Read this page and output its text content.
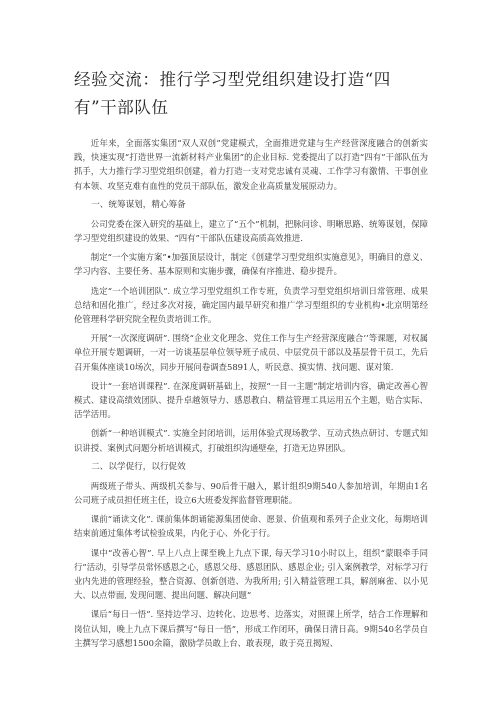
经验交流：推行学习型党组织建设打造“四有”干部队伍

近年来，全面落实集团“双人双创”党建模式，全面推进党建与生产经营深度融合的创新实践，快速实现“打造世界一流新材料产业集团”的企业目标. 党委提出了以打造“四有”干部队伍为抓手，大力推行学习型党组织创建，着力打造一支对党忠诚有灵魂、工作学习有激情、干事创业有本领、攻坚克难有血性的党员干部队伍，激发企业高质量发展原动力。

一、统筹谋划，精心筹备

公司党委在深入研究的基础上，建立了“五个”机制，把脉问诊、明晰思路、统筹谋划，保障学习型党组织建设的效果、“四有”干部队伍建设高质高效推进.

制定“一个实施方案”•加强顶层设计，制定《创建学习型党组织实施意见》，明确目的意义、学习内容、主要任务、基本原则和实施步骤，确保有序推进、稳步提升。

选定“一个培训团队”. 成立学习型党组织工作专班，负责学习型党组织培训日常管理、成果总结和固化推广，经过多次对接，确定国内最早研究和推广学习型组织的专业机构•北京明第经伦管理科学研究院全程负责培训工作。

开展“一次深度调研”. 围绕“企业文化理念、党住工作与生产经营深度融合’’等课题，对权属单位开展专题调研，一对一访谈基层单位领导班子成员、中层党员干部以及基层骨干员工，先后召开集体座谈10场次，同步开展问卷调查5891人，听民意、摸实情、找问题、谋对策.

设计“一套培训课程”. 在深度调研基础上，按照“一目一主题”制定培训内容，确定改善心智模式、建设高绩效团队、提升卓越领导力、感恩教白、精益管理工具运用五个主题，贴合实际、活学活用。

创新“一种培训模式”. 实施全封闭培训，运用体验式现场教学、互动式热点研讨、专题式知识讲授、案例式问题分析培训模式，打破组织沟通壁垒，打造无边界团队。

二、以学促行，以行促效

两级班子带头、两级机关参与、90后骨干融入，累计组织9期540人参加培训，年期由1名公司班子成员担任班主任，设立6大班委发挥监督管理职能。

课前“诵读文化”. 课前集体朗诵能源集团使命、愿景、价值观和系列子企业文化，每期培训结束前通过集体考试检验成果，内化于心、外化于行。

课中“改善心智”. 早上八点上课至晚上九点下课, 每天学习10小时以上，组织“蒙眼牵手同行”活动，引导学员常怀感恩之心，感恩父母、感恩团队、感恩企业; 引入案例教学，对标学习行业内先进的管理经验，整合资源、创新创造、为我所用; 引入精益管理工具，解剖麻雀、以小见大、以点带面, 发现问题、提出问题、解决问题“

课后“每日一悟”. 坚持边学习、边转化、边思考、边落实，对照课上所学，结合工作理解和岗位认知，晚上九点下课后撰写“每日一悟”，形成工作闭环，确保日清日高。9期540名学员自主撰写学习感想1500余篇，激励学员敢上台、敢表现，敢于亮丑揭短、
